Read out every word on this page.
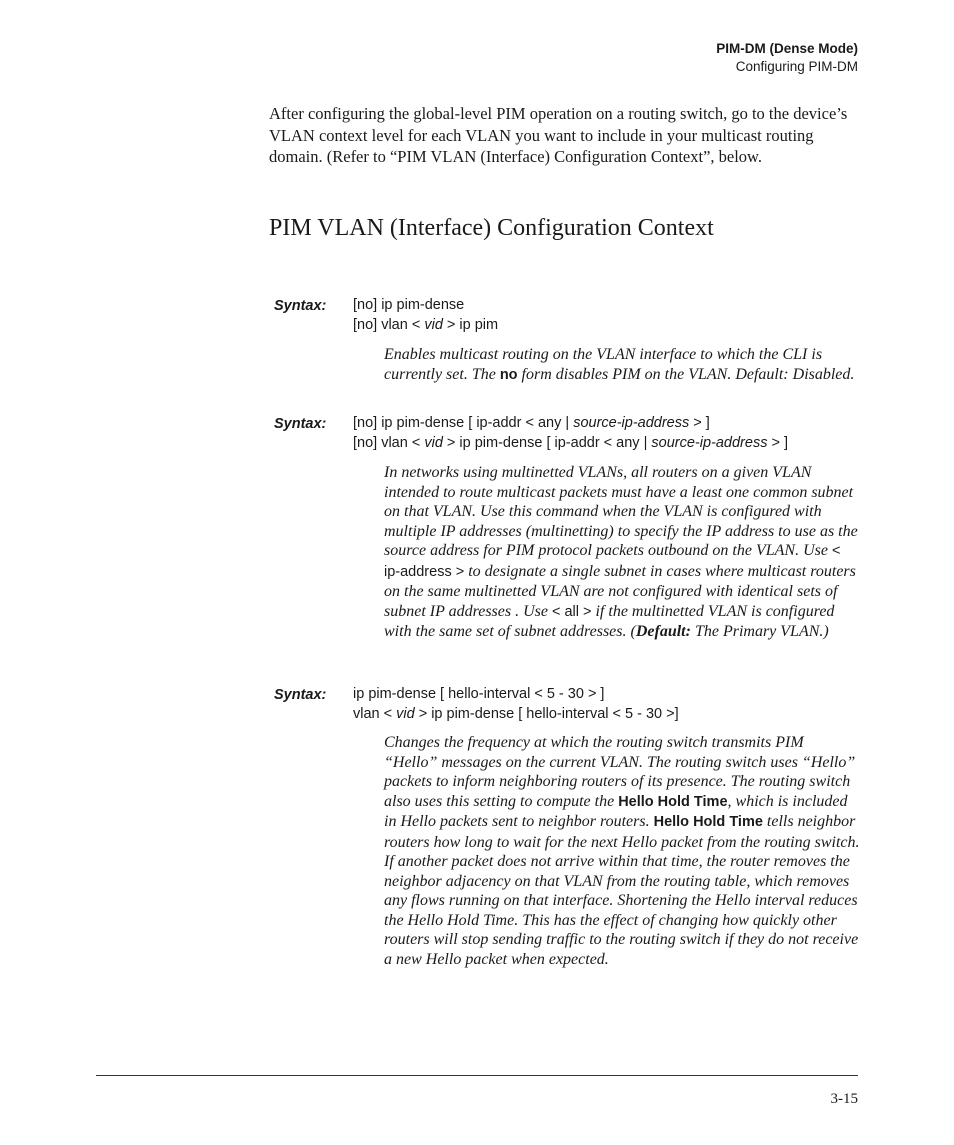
PIM-DM (Dense Mode)
Configuring PIM-DM

After configuring the global-level PIM operation on a routing switch, go to the device’s VLAN context level for each VLAN you want to include in your multicast routing domain. (Refer to “PIM VLAN (Interface) Configuration Context”, below.

PIM VLAN (Interface) Configuration Context
Syntax: [no] ip pim-dense
[no] vlan < vid > ip pim

Enables multicast routing on the VLAN interface to which the CLI is currently set. The no form disables PIM on the VLAN. Default: Disabled.

Syntax: [no] ip pim-dense [ ip-addr < any | source-ip-address > ]
[no] vlan < vid > ip pim-dense [ ip-addr < any | source-ip-address > ]

In networks using multinetted VLANs, all routers on a given VLAN intended to route multicast packets must have a least one common subnet on that VLAN. Use this command when the VLAN is configured with multiple IP addresses (multinetting) to specify the IP address to use as the source address for PIM protocol packets outbound on the VLAN. Use < ip-address > to designate a single subnet in cases where multicast routers on the same multinetted VLAN are not configured with identical sets of subnet IP addresses . Use < all > if the multinetted VLAN is configured with the same set of subnet addresses. (Default: The Primary VLAN.)

Syntax: ip pim-dense [ hello-interval < 5 - 30 > ]
vlan < vid > ip pim-dense [ hello-interval < 5 - 30 >]

Changes the frequency at which the routing switch transmits PIM “Hello” messages on the current VLAN. The routing switch uses “Hello” packets to inform neighboring routers of its presence. The routing switch also uses this setting to compute the Hello Hold Time, which is included in Hello packets sent to neighbor routers. Hello Hold Time tells neighbor routers how long to wait for the next Hello packet from the routing switch. If another packet does not arrive within that time, the router removes the neighbor adjacency on that VLAN from the routing table, which removes any flows running on that interface. Shortening the Hello interval reduces the Hello Hold Time. This has the effect of changing how quickly other routers will stop sending traffic to the routing switch if they do not receive a new Hello packet when expected.

3-15
